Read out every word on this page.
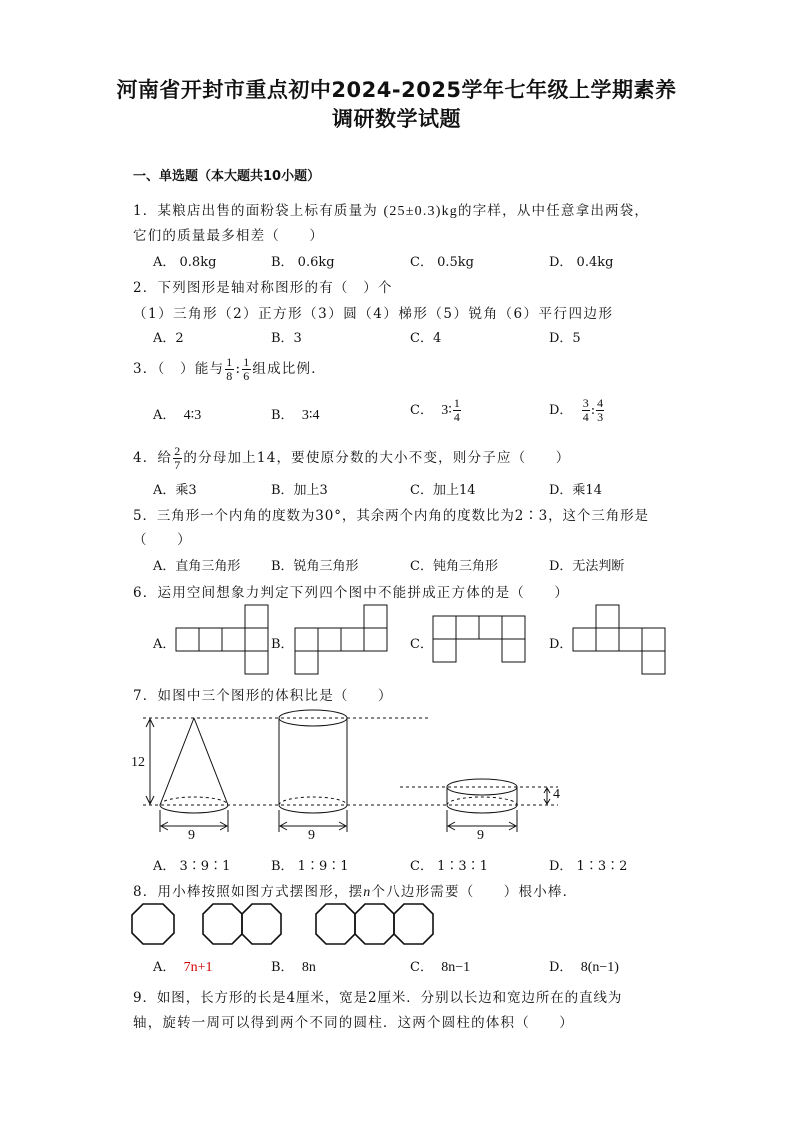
河南省开封市重点初中2024-2025学年七年级上学期素养
调研数学试题
一、单选题（本大题共10小题）
1．某粮店出售的面粉袋上标有质量为 (25±0.3)kg的字样，从中任意拿出两袋，
它们的质量最多相差（　　）
A． 0.8kg	B． 0.6kg	C． 0.5kg	D． 0.4kg
2．下列图形是轴对称图形的有（　）个
（1）三角形（2）正方形（3）圆（4）梯形（5）锐角（6）平行四边形
A．2	B．3	C．4	D．5
3．（　）能与 $\frac{1}{8}$ : $\frac{1}{6}$ 组成比例．
A． 4∶3	B． 3∶4	C． 3∶ $\frac{1}{4}$	D． $\frac{3}{4}$ : $\frac{4}{3}$
4．给 $\frac{2}{7}$ 的分母加上14，要使原分数的大小不变，则分子应（　　）
A．乘3	B．加上3	C．加上14	D．乘14
5．三角形一个内角的度数为30°，其余两个内角的度数比为2∶3，这个三角形是
（　　）
A．直角三角形 B．锐角三角形	C．钝角三角形	D．无法判断
6．运用空间想象力判定下列四个图中不能拼成正方体的是（　　）
A．	B．	C．	D．
7．如图中三个图形的体积比是（　　）
12
4
9	9	9
A． 3∶9∶1	B． 1∶9∶1	C． 1∶3∶1	D． 1∶3∶2
8．用小棒按照如图方式摆图形，摆n个八边形需要（　　）根小棒．
A． 7n+1	B． 8n	C． 8n−1	D． 8(n−1)
9．如图，长方形的长是4厘米，宽是2厘米．分别以长边和宽边所在的直线为
轴，旋转一周可以得到两个不同的圆柱．这两个圆柱的体积（　　）
